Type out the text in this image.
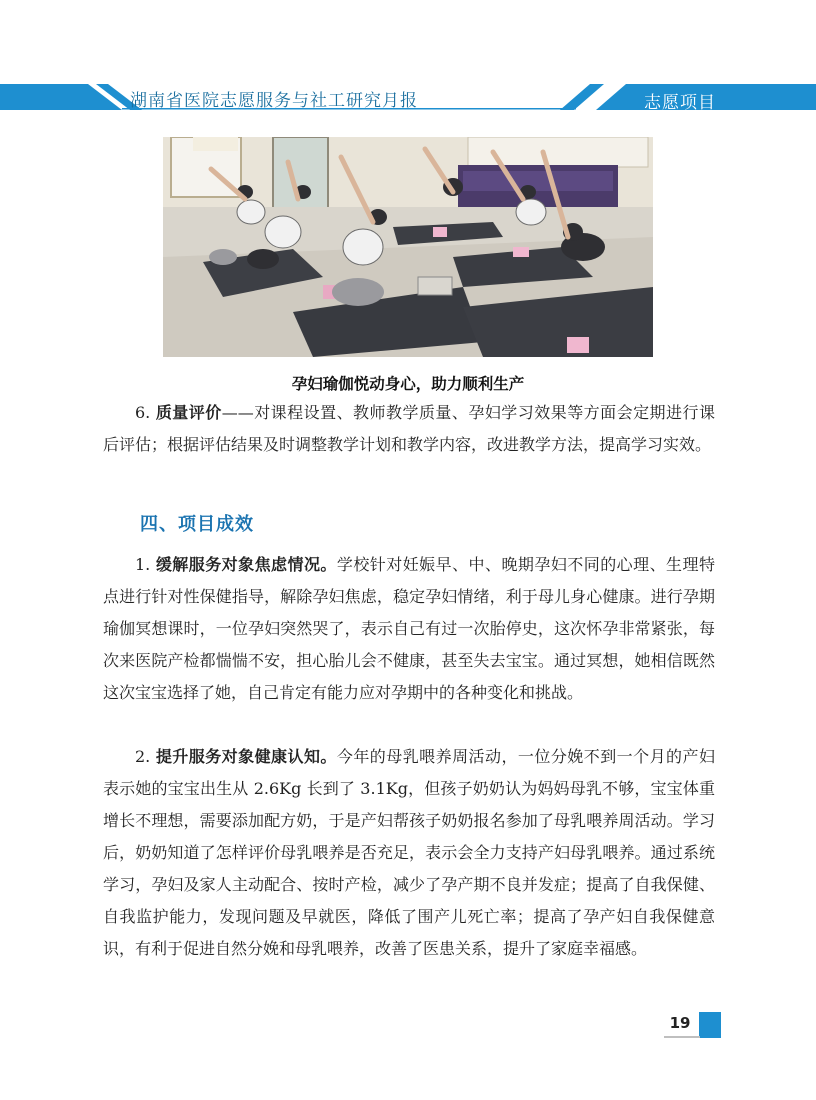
湖南省医院志愿服务与社工研究月报	志愿项目
孕妇瑜伽悦动身心，助力顺利生产
6. 质量评价——对课程设置、教师教学质量、孕妇学习效果等方面会定期进行课后评估；根据评估结果及时调整教学计划和教学内容，改进教学方法，提高学习实效。
四、项目成效
1. 缓解服务对象焦虑情况。学校针对妊娠早、中、晚期孕妇不同的心理、生理特点进行针对性保健指导，解除孕妇焦虑，稳定孕妇情绪，利于母儿身心健康。进行孕期瑜伽冥想课时，一位孕妇突然哭了，表示自己有过一次胎停史，这次怀孕非常紧张，每次来医院产检都惴惴不安，担心胎儿会不健康，甚至失去宝宝。通过冥想，她相信既然这次宝宝选择了她，自己肯定有能力应对孕期中的各种变化和挑战。
2. 提升服务对象健康认知。今年的母乳喂养周活动，一位分娩不到一个月的产妇表示她的宝宝出生从 2.6Kg 长到了 3.1Kg，但孩子奶奶认为妈妈母乳不够，宝宝体重增长不理想，需要添加配方奶，于是产妇帮孩子奶奶报名参加了母乳喂养周活动。学习后，奶奶知道了怎样评价母乳喂养是否充足，表示会全力支持产妇母乳喂养。通过系统学习，孕妇及家人主动配合、按时产检，减少了孕产期不良并发症；提高了自我保健、自我监护能力，发现问题及早就医，降低了围产儿死亡率；提高了孕产妇自我保健意识，有利于促进自然分娩和母乳喂养，改善了医患关系，提升了家庭幸福感。
19
